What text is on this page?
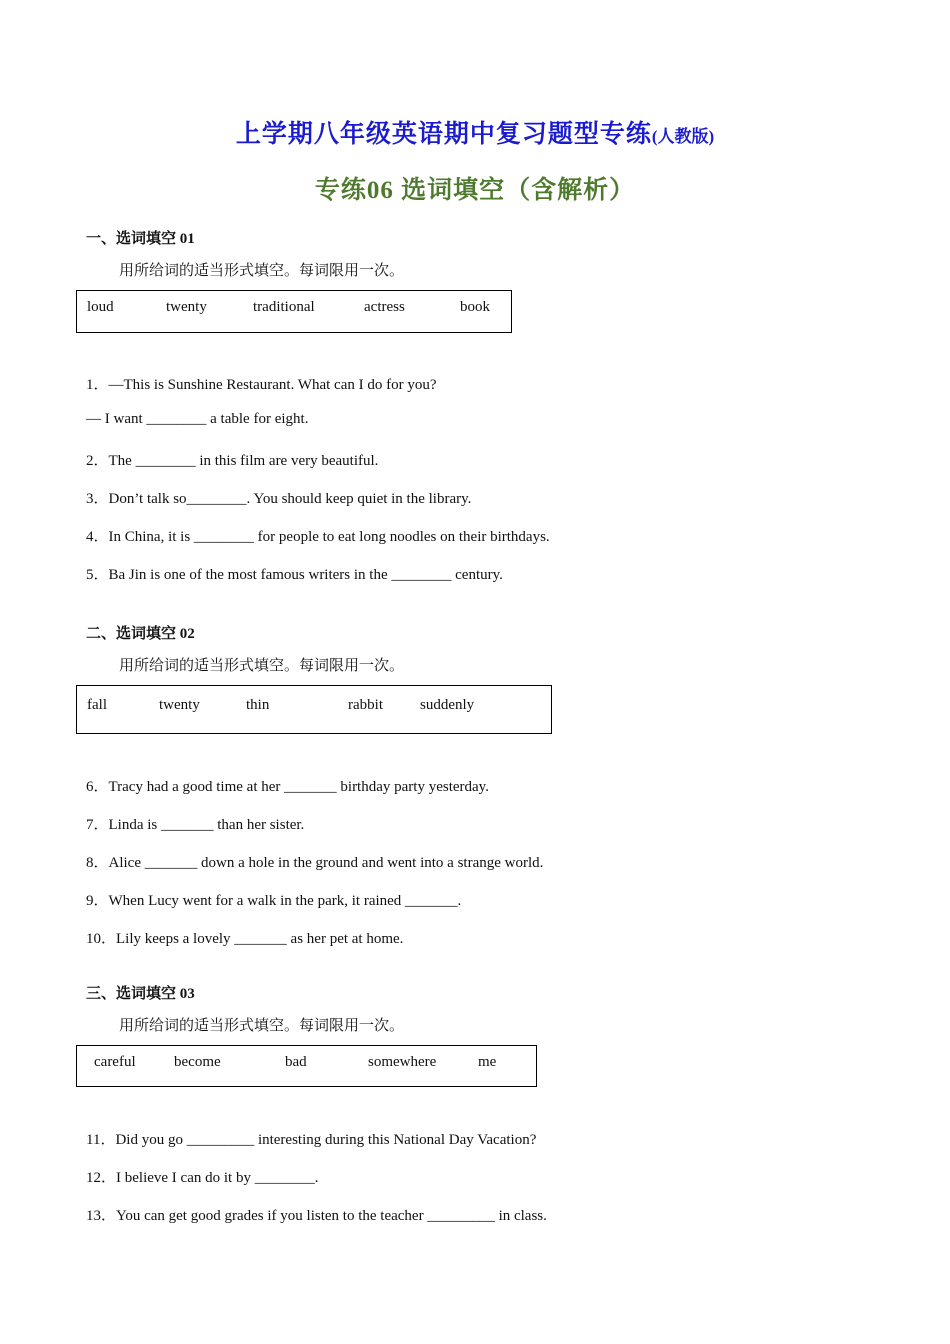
上学期八年级英语期中复习题型专练(人教版)
专练06 选词填空（含解析）
一、选词填空 01
用所给词的适当形式填空。每词限用一次。
loud	twenty	traditional	actress	book
1．—This is Sunshine Restaurant. What can I do for you?
— I want ________ a table for eight.
2．The ________ in this film are very beautiful.
3．Don’t talk so________. You should keep quiet in the library.
4．In China, it is ________ for people to eat long noodles on their birthdays.
5．Ba Jin is one of the most famous writers in the ________ century.
二、选词填空 02
用所给词的适当形式填空。每词限用一次。
fall	twenty	thin	rabbit suddenly
6．Tracy had a good time at her _______ birthday party yesterday.
7．Linda is _______ than her sister.
8．Alice _______ down a hole in the ground and went into a strange world.
9．When Lucy went for a walk in the park, it rained _______.
10．Lily keeps a lovely _______ as her pet at home.
三、选词填空 03
用所给词的适当形式填空。每词限用一次。
careful	become	bad	somewhere	me
11．Did you go _________ interesting during this National Day Vacation?
12．I believe I can do it by ________.
13．You can get good grades if you listen to the teacher _________ in class.
